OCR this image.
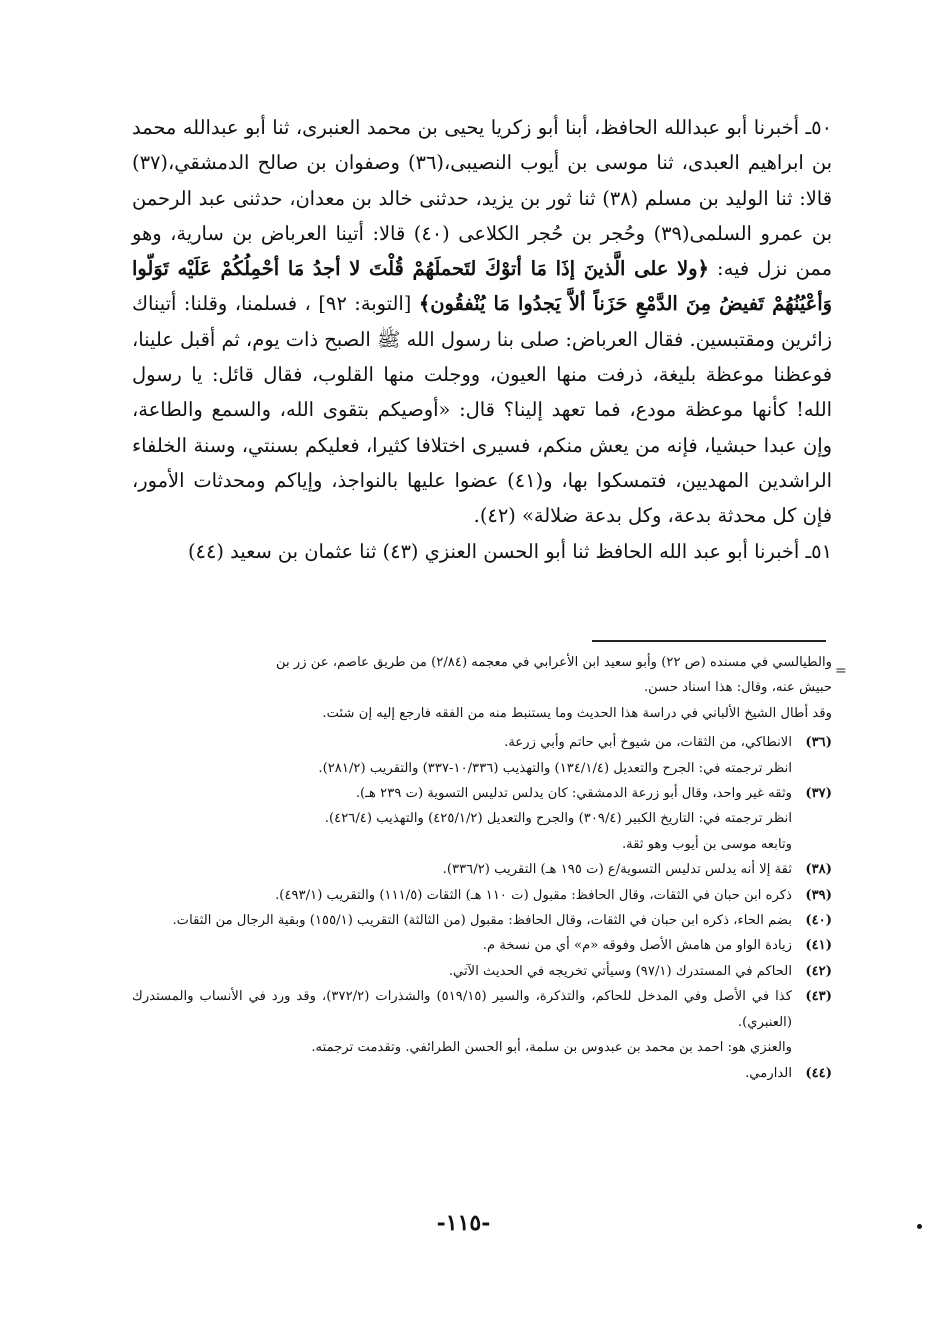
٥٠ـ أخبرنا أبو عبدالله الحافظ، أبنا أبو زكريا يحيى بن محمد العنبرى، ثنا أبو عبدالله محمد بن ابراهيم العبدى، ثنا موسى بن أيوب النصيبى،(٣٦) وصفوان بن صالح الدمشقي،(٣٧) قالا: ثنا الوليد بن مسلم (٣٨) ثنا ثور بن يزيد، حدثنى خالد بن معدان، حدثنى عبد الرحمن بن عمرو السلمى(٣٩) وحُجر بن حُجر الكلاعى (٤٠) قالا: أتينا العرباض بن سارية، وهو ممن نزل فيه: ﴿ولا على الَّذينَ إذَا مَا أتوْكَ لتَحملَهُمْ قُلْتَ لا أجدُ مَا أحْمِلُكُمْ عَلَيْه تَوَلّوا وَأعْيُنُهُمْ تَفيضُ مِنَ الدَّمْعِ حَزَناً ألاَّ يَجدُوا مَا يُنْفقُون﴾ [التوبة: ٩٢] ، فسلمنا، وقلنا: أتيناك زائرين ومقتبسين. فقال العرباض: صلى بنا رسول الله ﷺ الصبح ذات يوم، ثم أقبل علينا، فوعظنا موعظة بليغة، ذرفت منها العيون، ووجلت منها القلوب، فقال قائل: يا رسول الله! كأنها موعظة مودع، فما تعهد إلينا؟ قال: «أوصيكم بتقوى الله، والسمع والطاعة، وإن عبدا حبشيا، فإنه من يعش منكم، فسيرى اختلافا كثيرا، فعليكم بسنتي، وسنة الخلفاء الراشدين المهديين، فتمسكوا بها، و(٤١) عضوا عليها بالنواجذ، وإياكم ومحدثات الأمور، فإن كل محدثة بدعة، وكل بدعة ضلالة» (٤٢).

٥١ـ أخبرنا أبو عبد الله الحافظ ثنا أبو الحسن العنزي (٤٣) ثنا عثمان بن سعيد (٤٤)

=
والطيالسي في مسنده (ص ٢٢) وأبو سعيد ابن الأعرابي في معجمه (٢/٨٤) من طريق عاصم، عن زر بن
حبيش عنه، وقال: هذا اسناد حسن.
وقد أطال الشيخ الألباني في دراسة هذا الحديث وما يستنبط منه من الفقه فارجع إليه إن شئت.
(٣٦)
الانطاكي، من الثقات، من شيوخ أبي حاتم وأبي زرعة.
انظر ترجمته في: الجرح والتعديل (١٣٤/١/٤) والتهذيب (١٠/٣٣٦-٣٣٧) والتقريب (٢٨١/٢).
(٣٧)
وثقه غير واحد، وقال أبو زرعة الدمشقي: كان يدلس تدليس التسوية (ت ٢٣٩ هـ).
انظر ترجمته في: التاريخ الكبير (٣٠٩/٤) والجرح والتعديل (٤٢٥/١/٢) والتهذيب (٤٢٦/٤).
وتابعه موسى بن أيوب وهو ثقة.
(٣٨)
ثقة إلا أنه يدلس تدليس التسوية/ع (ت ١٩٥ هـ) التقريب (٣٣٦/٢).
(٣٩)
ذكره ابن حبان في الثقات، وقال الحافظ: مقبول (ت ١١٠ هـ) الثقات (١١١/٥) والتقريب (٤٩٣/١).
(٤٠)
بضم الحاء، ذكره ابن حبان في الثقات، وقال الحافظ: مقبول (من الثالثة) التقريب (١٥٥/١) وبقية الرجال من الثقات.
(٤١)
زيادة الواو من هامش الأصل وفوقه «م» أي من نسخة م.
(٤٢)
الحاكم في المستدرك (٩٧/١) وسيأتي تخريجه في الحديث الآتي.
(٤٣)
كذا في الأصل وفي المدخل للحاكم، والتذكرة، والسير (٥١٩/١٥) والشذرات (٣٧٢/٢)، وقد ورد في الأنساب والمستدرك (العنبري).
والعنزي هو: احمد بن محمد بن عبدوس بن سلمة، أبو الحسن الطرائفي. وتقدمت ترجمته.
(٤٤)
الدارمي.
-١١٥-
